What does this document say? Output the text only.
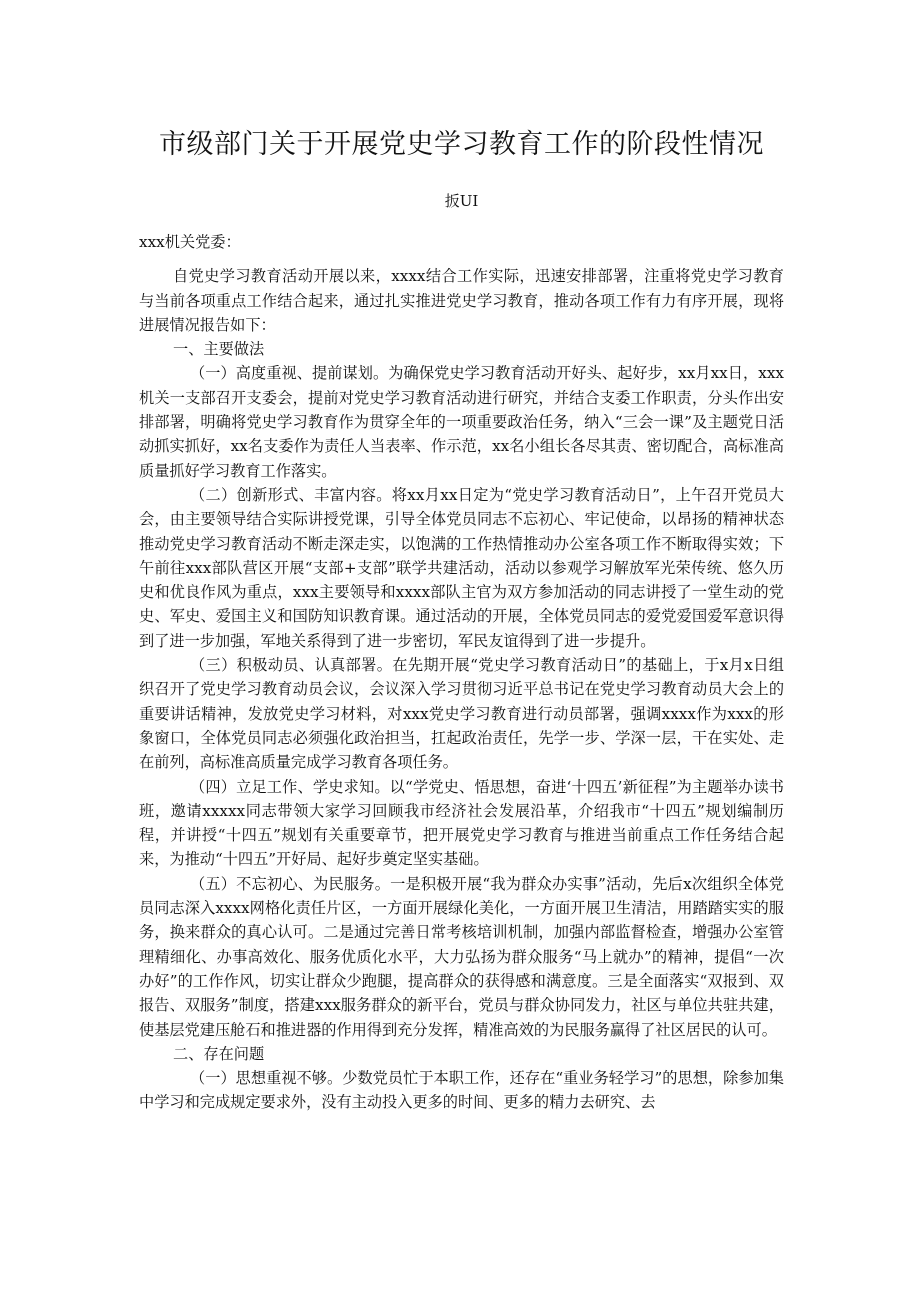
市级部门关于开展党史学习教育工作的阶段性情况

扳UI

xxx机关党委：

自党史学习教育活动开展以来，xxxx结合工作实际，迅速安排部署，注重将党史学习教育与当前各项重点工作结合起来，通过扎实推进党史学习教育，推动各项工作有力有序开展，现将进展情况报告如下：

一、主要做法

（一）高度重视、提前谋划。为确保党史学习教育活动开好头、起好步，xx月xx日，xxx机关一支部召开支委会，提前对党史学习教育活动进行研究，并结合支委工作职责，分头作出安排部署，明确将党史学习教育作为贯穿全年的一项重要政治任务，纳入“三会一课”及主题党日活动抓实抓好，xx名支委作为责任人当表率、作示范，xx名小组长各尽其责、密切配合，高标准高质量抓好学习教育工作落实。

（二）创新形式、丰富内容。将xx月xx日定为“党史学习教育活动日”，上午召开党员大会，由主要领导结合实际讲授党课，引导全体党员同志不忘初心、牢记使命，以昂扬的精神状态推动党史学习教育活动不断走深走实，以饱满的工作热情推动办公室各项工作不断取得实效；下午前往xxx部队营区开展“支部+支部”联学共建活动，活动以参观学习解放军光荣传统、悠久历史和优良作风为重点，xxx主要领导和xxxx部队主官为双方参加活动的同志讲授了一堂生动的党史、军史、爱国主义和国防知识教育课。通过活动的开展，全体党员同志的爱党爱国爱军意识得到了进一步加强，军地关系得到了进一步密切，军民友谊得到了进一步提升。

（三）积极动员、认真部署。在先期开展“党史学习教育活动日”的基础上，于x月x日组织召开了党史学习教育动员会议，会议深入学习贯彻习近平总书记在党史学习教育动员大会上的重要讲话精神，发放党史学习材料，对xxx党史学习教育进行动员部署，强调xxxx作为xxx的形象窗口，全体党员同志必须强化政治担当，扛起政治责任，先学一步、学深一层，干在实处、走在前列，高标准高质量完成学习教育各项任务。

（四）立足工作、学史求知。以“学党史、悟思想，奋进‘十四五’新征程”为主题举办读书班，邀请xxxxx同志带领大家学习回顾我市经济社会发展沿革，介绍我市“十四五”规划编制历程，并讲授“十四五”规划有关重要章节，把开展党史学习教育与推进当前重点工作任务结合起来，为推动“十四五”开好局、起好步奠定坚实基础。

（五）不忘初心、为民服务。一是积极开展“我为群众办实事”活动，先后x次组织全体党员同志深入xxxx网格化责任片区，一方面开展绿化美化，一方面开展卫生清洁，用踏踏实实的服务，换来群众的真心认可。二是通过完善日常考核培训机制，加强内部监督检查，增强办公室管理精细化、办事高效化、服务优质化水平，大力弘扬为群众服务“马上就办”的精神，提倡“一次办好”的工作作风，切实让群众少跑腿，提高群众的获得感和满意度。三是全面落实“双报到、双报告、双服务”制度，搭建xxx服务群众的新平台，党员与群众协同发力，社区与单位共驻共建，使基层党建压舱石和推进器的作用得到充分发挥，精准高效的为民服务赢得了社区居民的认可。

二、存在问题

（一）思想重视不够。少数党员忙于本职工作，还存在“重业务轻学习”的思想，除参加集中学习和完成规定要求外，没有主动投入更多的时间、更多的精力去研究、去
